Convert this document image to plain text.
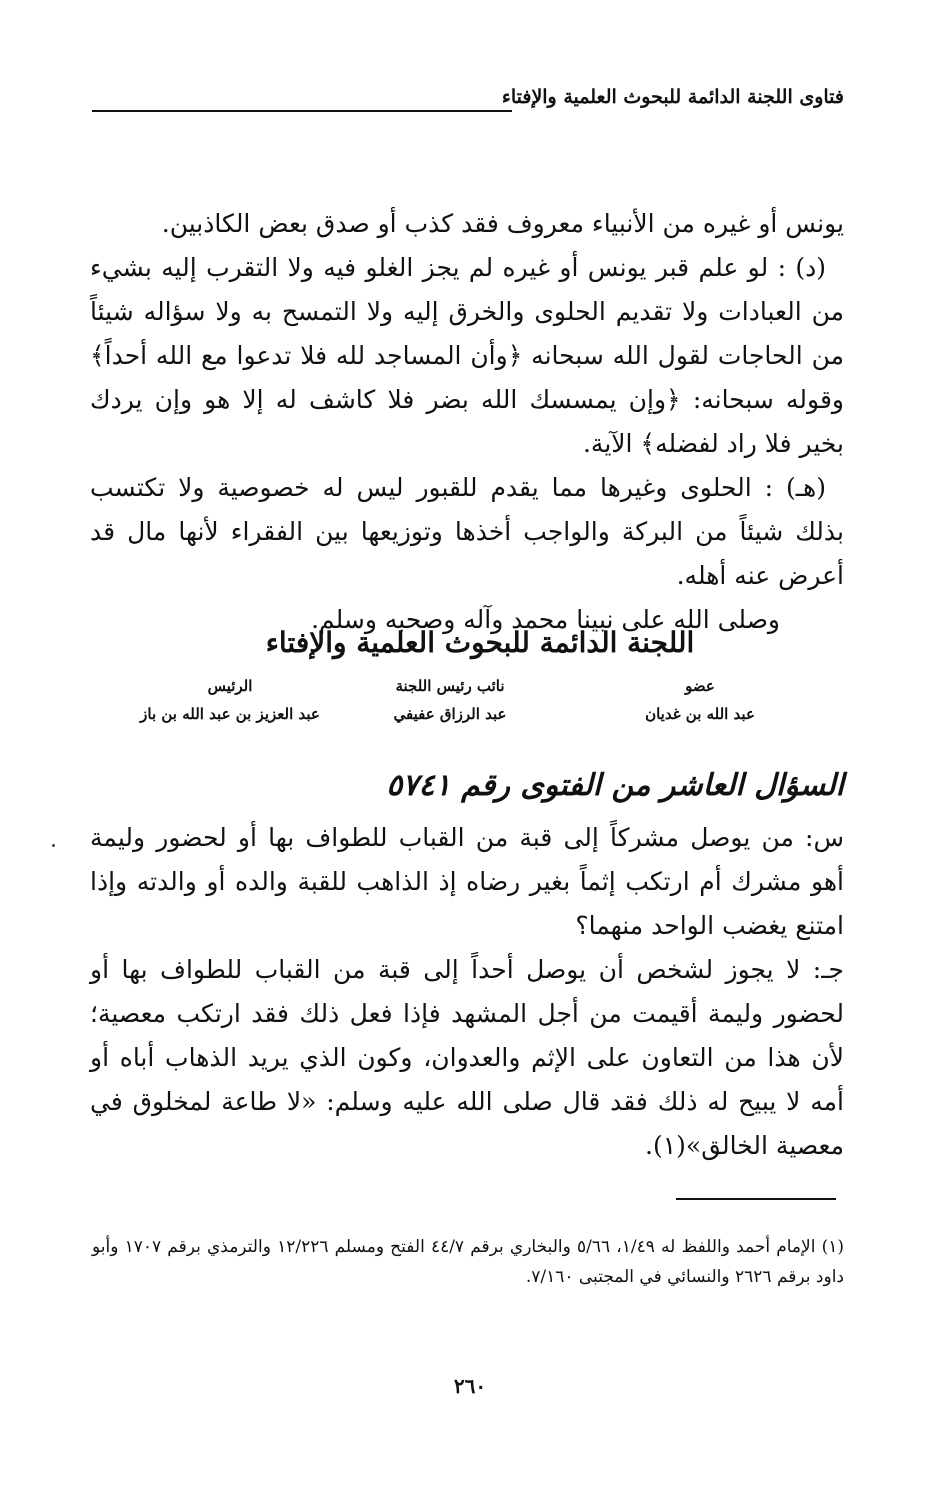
فتاوى اللجنة الدائمة للبحوث العلمية والإفتاء

يونس أو غيره من الأنبياء معروف فقد كذب أو صدق بعض الكاذبين.

(د) : لو علم قبر يونس أو غيره لم يجز الغلو فيه ولا التقرب إليه بشيء من العبادات ولا تقديم الحلوى والخرق إليه ولا التمسح به ولا سؤاله شيئاً من الحاجات لقول الله سبحانه ﴿وأن المساجد لله فلا تدعوا مع الله أحداً﴾ وقوله سبحانه: ﴿وإن يمسسك الله بضر فلا كاشف له إلا هو وإن يردك بخير فلا راد لفضله﴾ الآية.

(هـ) : الحلوى وغيرها مما يقدم للقبور ليس له خصوصية ولا تكتسب بذلك شيئاً من البركة والواجب أخذها وتوزيعها بين الفقراء لأنها مال قد أعرض عنه أهله.

وصلى الله على نبينا محمد وآله وصحبه وسلم.

اللجنة الدائمة للبحوث العلمية والإفتاء
عضو
عبد الله بن غديان
نائب رئيس اللجنة
عبد الرزاق عفيفي
الرئيس
عبد العزيز بن عبد الله بن باز
السؤال العاشر من الفتوى رقم ٥٧٤١

س: من يوصل مشركاً إلى قبة من القباب للطواف بها أو لحضور وليمة أهو مشرك أم ارتكب إثماً بغير رضاه إذ الذاهب للقبة والده أو والدته وإذا امتنع يغضب الواحد منهما؟

جـ: لا يجوز لشخص أن يوصل أحداً إلى قبة من القباب للطواف بها أو لحضور وليمة أقيمت من أجل المشهد فإذا فعل ذلك فقد ارتكب معصية؛ لأن هذا من التعاون على الإثم والعدوان، وكون الذي يريد الذهاب أباه أو أمه لا يبيح له ذلك فقد قال صلى الله عليه وسلم: «لا طاعة لمخلوق في معصية الخالق»(١).

(١) الإمام أحمد واللفظ له ١/٤٩، ٥/٦٦ والبخاري برقم ٤٤/٧ الفتح ومسلم ١٢/٢٢٦ والترمذي برقم ١٧٠٧ وأبو داود برقم ٢٦٢٦ والنسائي في المجتبى ٧/١٦٠.
٢٦٠
